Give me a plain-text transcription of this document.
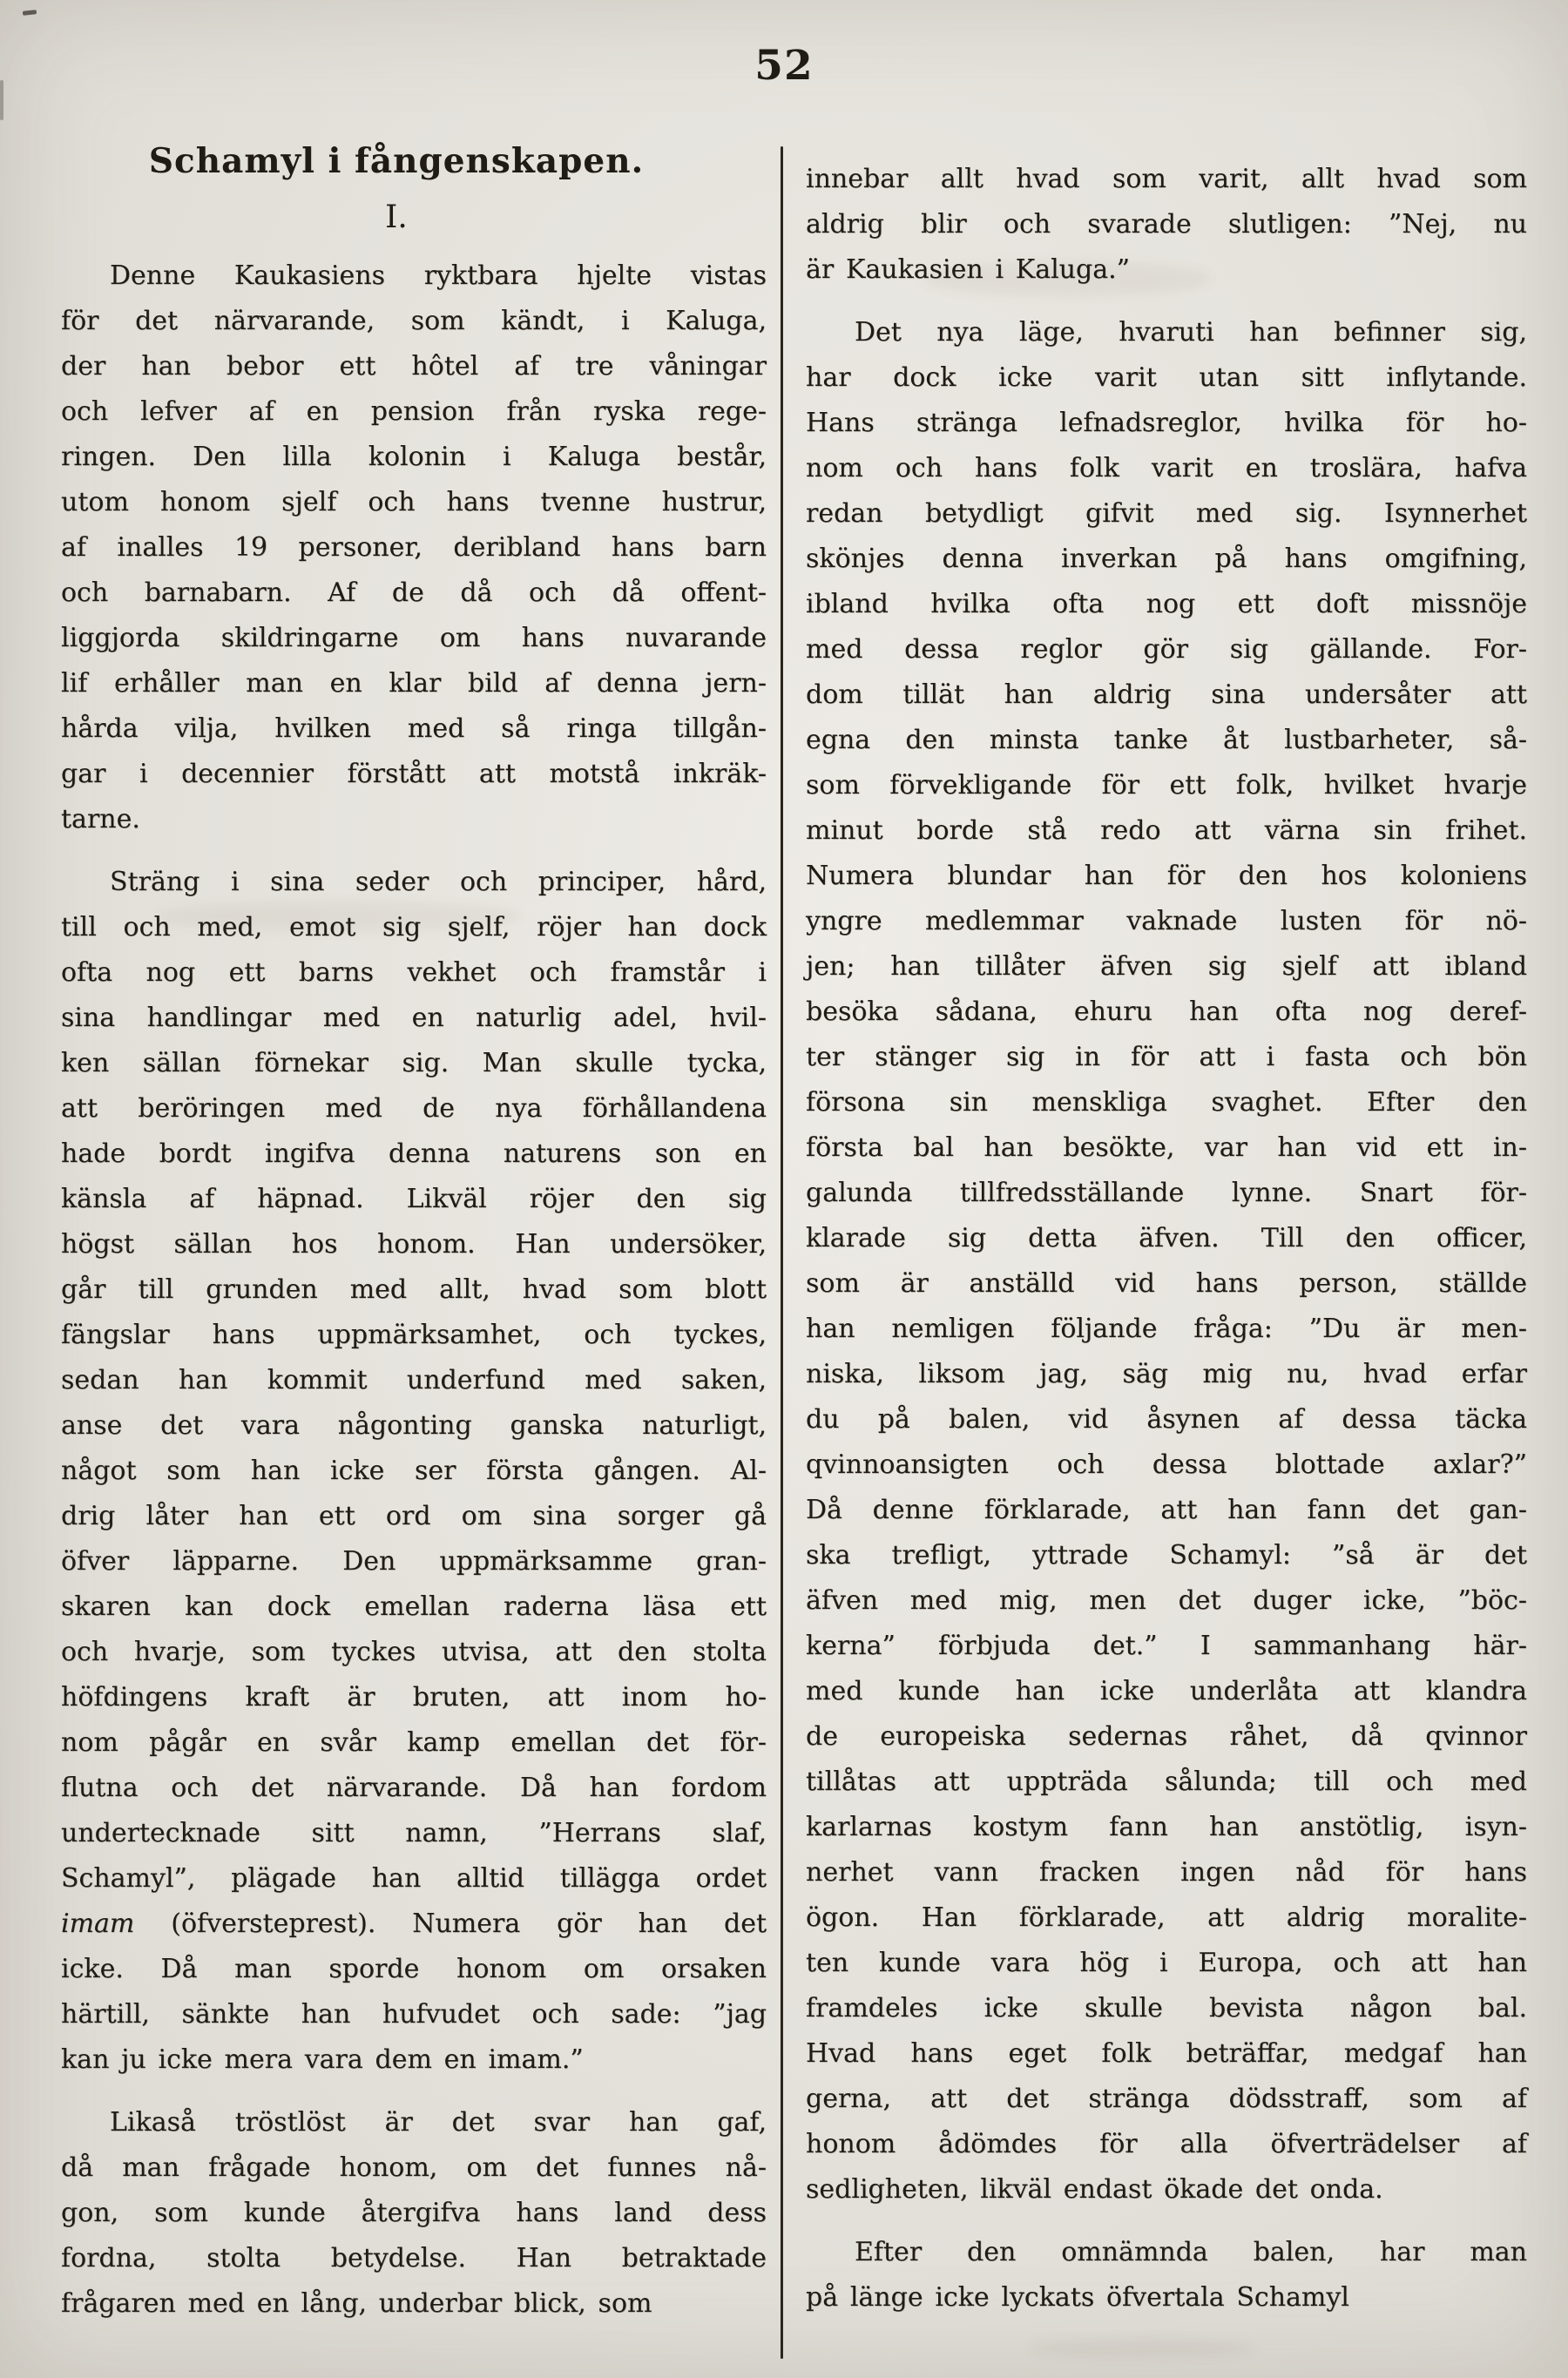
52
Schamyl i fångenskapen.
I.
Denne Kaukasiens ryktbara hjelte vistas
för det närvarande, som kändt, i Kaluga,
der han bebor ett hôtel af tre våningar
och lefver af en pension från ryska rege-
ringen. Den lilla kolonin i Kaluga består,
utom honom sjelf och hans tvenne hustrur,
af inalles 19 personer, deribland hans barn
och barnabarn. Af de då och då offent-
liggjorda skildringarne om hans nuvarande
lif erhåller man en klar bild af denna jern-
hårda vilja, hvilken med så ringa tillgån-
gar i decennier förstått att motstå inkräk-
tarne.
Sträng i sina seder och principer, hård,
till och med, emot sig sjelf, röjer han dock
ofta nog ett barns vekhet och framstår i
sina handlingar med en naturlig adel, hvil-
ken sällan förnekar sig. Man skulle tycka,
att beröringen med de nya förhållandena
hade bordt ingifva denna naturens son en
känsla af häpnad. Likväl röjer den sig
högst sällan hos honom. Han undersöker,
går till grunden med allt, hvad som blott
fängslar hans uppmärksamhet, och tyckes,
sedan han kommit underfund med saken,
anse det vara någonting ganska naturligt,
något som han icke ser första gången. Al-
drig låter han ett ord om sina sorger gå
öfver läpparne. Den uppmärksamme gran-
skaren kan dock emellan raderna läsa ett
och hvarje, som tyckes utvisa, att den stolta
höfdingens kraft är bruten, att inom ho-
nom pågår en svår kamp emellan det för-
flutna och det närvarande. Då han fordom
undertecknade sitt namn, ”Herrans slaf,
Schamyl”, plägade han alltid tillägga ordet
imam (öfversteprest). Numera gör han det
icke. Då man sporde honom om orsaken
härtill, sänkte han hufvudet och sade: ”jag
kan ju icke mera vara dem en imam.”
Likaså tröstlöst är det svar han gaf,
då man frågade honom, om det funnes nå-
gon, som kunde återgifva hans land dess
fordna, stolta betydelse. Han betraktade
frågaren med en lång, underbar blick, som
innebar allt hvad som varit, allt hvad som
aldrig blir och svarade slutligen: ”Nej, nu
är Kaukasien i Kaluga.”
Det nya läge, hvaruti han befinner sig,
har dock icke varit utan sitt inflytande.
Hans stränga lefnadsreglor, hvilka för ho-
nom och hans folk varit en troslära, hafva
redan betydligt gifvit med sig. Isynnerhet
skönjes denna inverkan på hans omgifning,
ibland hvilka ofta nog ett doft missnöje
med dessa reglor gör sig gällande. For-
dom tillät han aldrig sina undersåter att
egna den minsta tanke åt lustbarheter, så-
som förvekligande för ett folk, hvilket hvarje
minut borde stå redo att värna sin frihet.
Numera blundar han för den hos koloniens
yngre medlemmar vaknade lusten för nö-
jen; han tillåter äfven sig sjelf att ibland
besöka sådana, ehuru han ofta nog deref-
ter stänger sig in för att i fasta och bön
försona sin menskliga svaghet. Efter den
första bal han besökte, var han vid ett in-
galunda tillfredsställande lynne. Snart för-
klarade sig detta äfven. Till den officer,
som är anställd vid hans person, ställde
han nemligen följande fråga: ”Du är men-
niska, liksom jag, säg mig nu, hvad erfar
du på balen, vid åsynen af dessa täcka
qvinnoansigten och dessa blottade axlar?”
Då denne förklarade, att han fann det gan-
ska trefligt, yttrade Schamyl: ”så är det
äfven med mig, men det duger icke, ”böc-
kerna” förbjuda det.” I sammanhang här-
med kunde han icke underlåta att klandra
de europeiska sedernas råhet, då qvinnor
tillåtas att uppträda sålunda; till och med
karlarnas kostym fann han anstötlig, isyn-
nerhet vann fracken ingen nåd för hans
ögon. Han förklarade, att aldrig moralite-
ten kunde vara hög i Europa, och att han
framdeles icke skulle bevista någon bal.
Hvad hans eget folk beträffar, medgaf han
gerna, att det stränga dödsstraff, som af
honom ådömdes för alla öfverträdelser af
sedligheten, likväl endast ökade det onda.
Efter den omnämnda balen, har man
på länge icke lyckats öfvertala Schamyl
